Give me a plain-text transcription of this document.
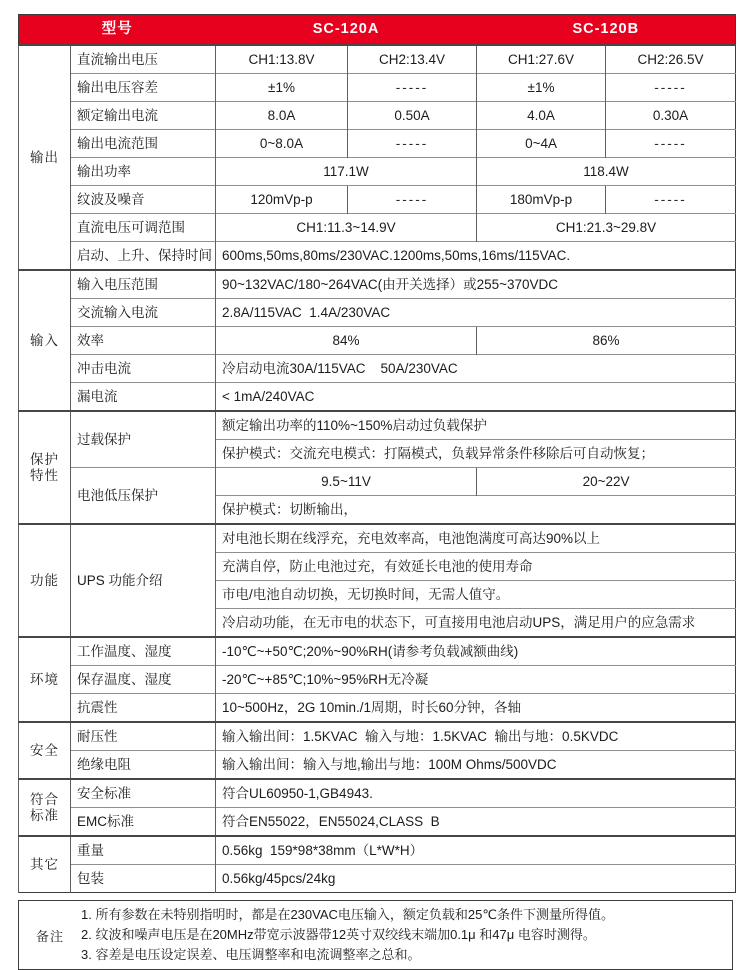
型号		SC-120A		SC-120B	
输出	直流输出电压	CH1:13.8V	CH2:13.4V	CH1:27.6V	CH2:26.5V
	输出电压容差	±1%	-----	±1%	-----
	额定输出电流	8.0A	0.50A	4.0A	0.30A
	输出电流范围	0~8.0A	-----	0~4A	-----
	输出功率	117.1W		118.4W	
	纹波及噪音	120mVp-p	-----	180mVp-p	-----
	直流电压可调范围	CH1:11.3~14.9V		CH1:21.3~29.8V	
	启动、上升、保持时间	600ms,50ms,80ms/230VAC.1200ms,50ms,16ms/115VAC.			
输入	输入电压范围	90~132VAC/180~264VAC(由开关选择）或255~370VDC			
	交流输入电流	2.8A/115VAC  1.4A/230VAC			
	效率	84%		86%	
	冲击电流	冷启动电流30A/115VAC    50A/230VAC			
	漏电流	< 1mA/240VAC			
保护特性	过载保护	额定输出功率的110%~150%启动过负载保护			
		保护模式：交流充电模式：打隔模式，负载异常条件移除后可自动恢复；			
	电池低压保护	9.5~11V		20~22V	
		保护模式：切断输出，			
功能	UPS 功能介绍	对电池长期在线浮充，充电效率高，电池饱满度可高达90%以上			
		充满自停，防止电池过充，有效延长电池的使用寿命			
		市电/电池自动切换，无切换时间，无需人值守。			
		冷启动功能，在无市电的状态下，可直接用电池启动UPS，满足用户的应急需求			
环境	工作温度、湿度	-10℃~+50℃;20%~90%RH(请参考负载减额曲线)			
	保存温度、湿度	-20℃~+85℃;10%~95%RH无冷凝			
	抗震性	10~500Hz，2G 10min./1周期，时长60分钟，各轴			
安全	耐压性	输入输出间：1.5KVAC  输入与地：1.5KVAC  输出与地：0.5KVDC			
	绝缘电阻	输入输出间：输入与地,输出与地：100M Ohms/500VDC			
符合标准	安全标准	符合UL60950-1,GB4943.			
	EMC标准	符合EN55022，EN55024,CLASS  B			
其它	重量	0.56kg  159*98*38mm（L*W*H）			
	包装	0.56kg/45pcs/24kg			
备注
1. 所有参数在未特别指明时，都是在230VAC电压输入，额定负载和25℃条件下测量所得值。
2. 纹波和噪声电压是在20MHz带宽示波器带12英寸双绞线末端加0.1μ 和47μ 电容时测得。
3. 容差是电压设定误差、电压调整率和电流调整率之总和。
